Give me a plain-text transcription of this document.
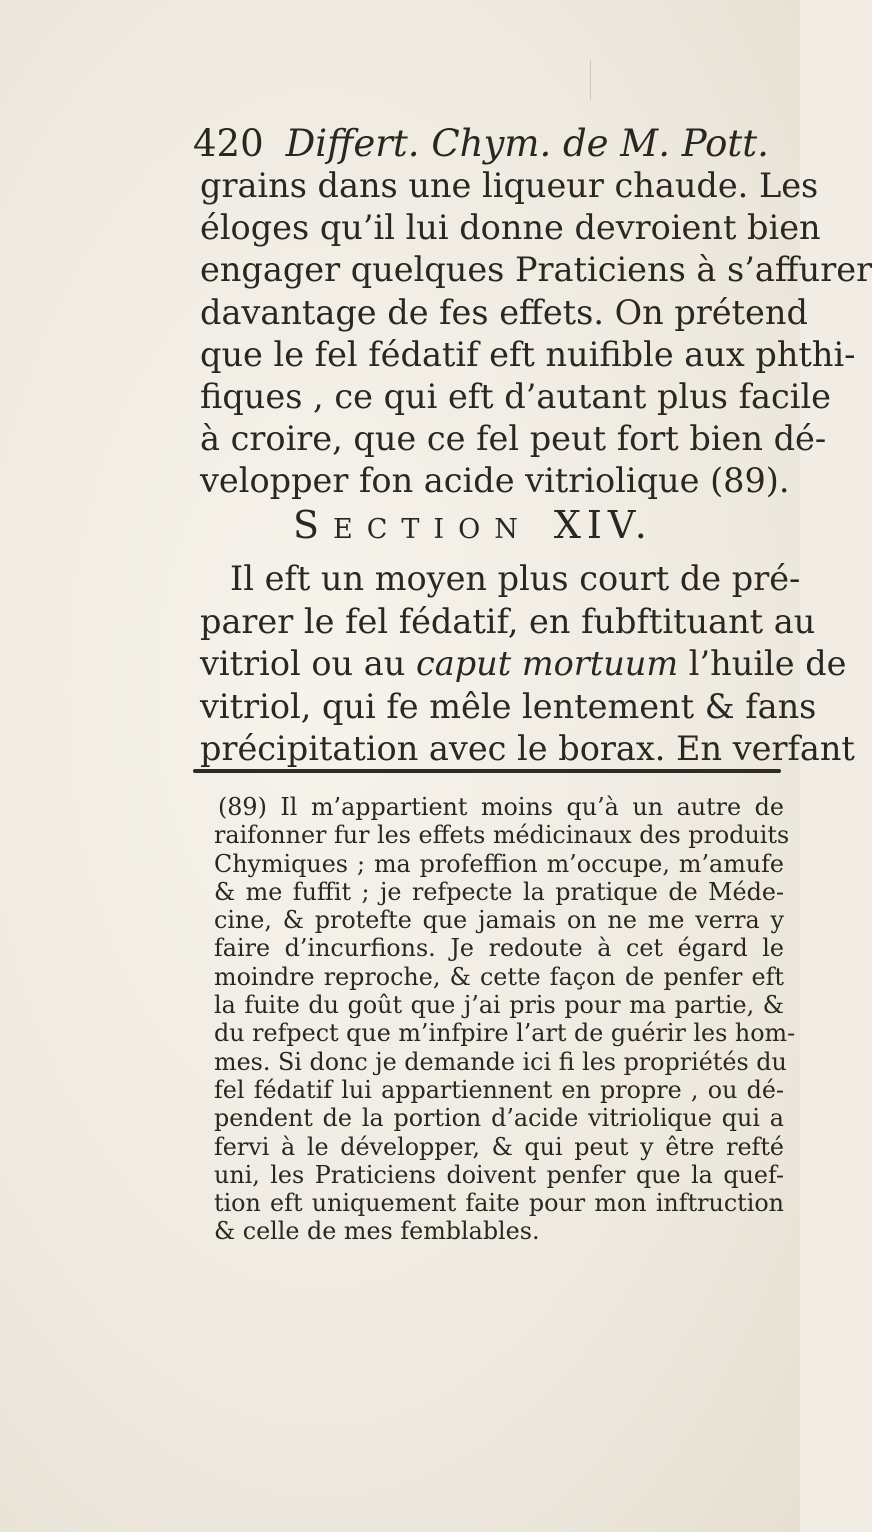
420 Differt. Chym. de M. Pott.
grains dans une liqueur chaude. Les
éloges qu’il lui donne devroient bien
engager quelques Praticiens à s’affurer
davantage de fes effets. On prétend
que le fel fédatif eft nuifible aux phthi-
fiques , ce qui eft d’autant plus facile
à croire, que ce fel peut fort bien dé-
velopper fon acide vitriolique (89).
SECTION XIV.
Il eft un moyen plus court de pré-
parer le fel fédatif, en fubftituant au
vitriol ou au caput mortuum l’huile de
vitriol, qui fe mêle lentement & fans
précipitation avec le borax. En verfant
(89) Il m’appartient moins qu’à un autre de
raifonner fur les effets médicinaux des produits
Chymiques ; ma profeffion m’occupe, m’amufe
& me fuffit ; je refpecte la pratique de Méde-
cine, & protefte que jamais on ne me verra y
faire d’incurfions. Je redoute à cet égard le
moindre reproche, & cette façon de penfer eft
la fuite du goût que j’ai pris pour ma partie, &
du refpect que m’infpire l’art de guérir les hom-
mes. Si donc je demande ici fi les propriétés du
fel fédatif lui appartiennent en propre , ou dé-
pendent de la portion d’acide vitriolique qui a
fervi à le développer, & qui peut y être refté
uni, les Praticiens doivent penfer que la quef-
tion eft uniquement faite pour mon inftruction
& celle de mes femblables.
